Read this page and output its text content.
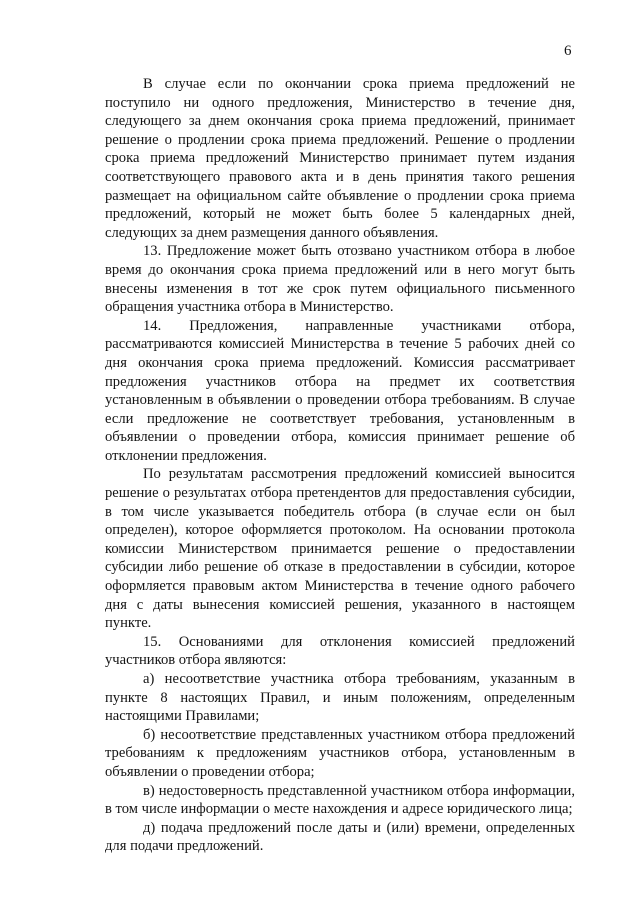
6

В случае если по окончании срока приема предложений не поступило ни одного предложения, Министерство в течение дня, следующего за днем окончания срока приема предложений, принимает решение о продлении срока приема предложений. Решение о продлении срока приема предложений Министерство принимает путем издания соответствующего правового акта и в день принятия такого решения размещает на официальном сайте объявление о продлении срока приема предложений, который не может быть более 5 календарных дней, следующих за днем размещения данного объявления.

13. Предложение может быть отозвано участником отбора в любое время до окончания срока приема предложений или в него могут быть внесены изменения в тот же срок путем официального письменного обращения участника отбора в Министерство.

14. Предложения, направленные участниками отбора, рассматриваются комиссией Министерства в течение 5 рабочих дней со дня окончания срока приема предложений. Комиссия рассматривает предложения участников отбора на предмет их соответствия установленным в объявлении о проведении отбора требованиям. В случае если предложение не соответствует требования, установленным в объявлении о проведении отбора, комиссия принимает решение об отклонении предложения.

По результатам рассмотрения предложений комиссией выносится решение о результатах отбора претендентов для предоставления субсидии, в том числе указывается победитель отбора (в случае если он был определен), которое оформляется протоколом. На основании протокола комиссии Министерством принимается решение о предоставлении субсидии либо решение об отказе в предоставлении в субсидии, которое оформляется правовым актом Министерства в течение одного рабочего дня с даты вынесения комиссией решения, указанного в настоящем пункте.

15. Основаниями для отклонения комиссией предложений участников отбора являются:

а) несоответствие участника отбора требованиям, указанным в пункте 8 настоящих Правил, и иным положениям, определенным настоящими Правилами;

б) несоответствие представленных участником отбора предложений требованиям к предложениям участников отбора, установленным в объявлении о проведении отбора;

в) недостоверность представленной участником отбора информации, в том числе информации о месте нахождения и адресе юридического лица;

д) подача предложений после даты и (или) времени, определенных для подачи предложений.
